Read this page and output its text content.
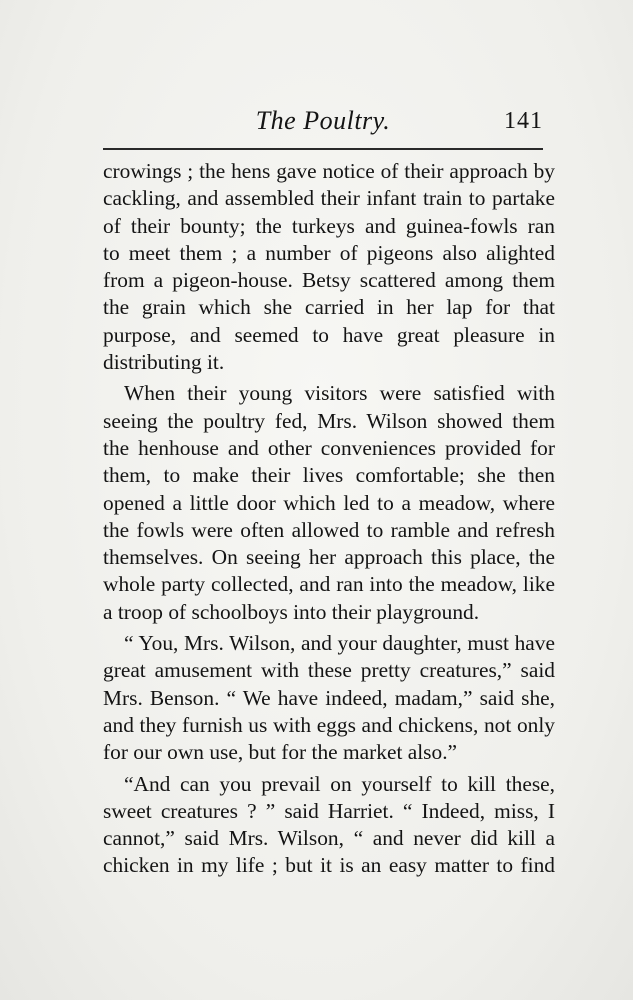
The Poultry.	141
crowings ; the hens gave notice of their approach by
cackling, and assembled their infant train to partake
of their bounty; the turkeys and guinea-fowls ran
to meet them ; a number of pigeons also alighted
from a pigeon-house. Betsy scattered among them
the grain which she carried in her lap for that
purpose, and seemed to have great pleasure in
distributing it.
When their young visitors were satisfied with
seeing the poultry fed, Mrs. Wilson showed them
the henhouse and other conveniences provided for
them, to make their lives comfortable; she then
opened a little door which led to a meadow, where
the fowls were often allowed to ramble and refresh
themselves. On seeing her approach this place, the
whole party collected, and ran into the meadow, like
a troop of schoolboys into their playground.
“ You, Mrs. Wilson, and your daughter, must have
great amusement with these pretty creatures,” said
Mrs. Benson. “ We have indeed, madam,” said she,
and they furnish us with eggs and chickens, not only
for our own use, but for the market also.”
“And can you prevail on yourself to kill these,
sweet creatures ? ” said Harriet. “ Indeed, miss, I
cannot,” said Mrs. Wilson, “ and never did kill a
chicken in my life ; but it is an easy matter to find
